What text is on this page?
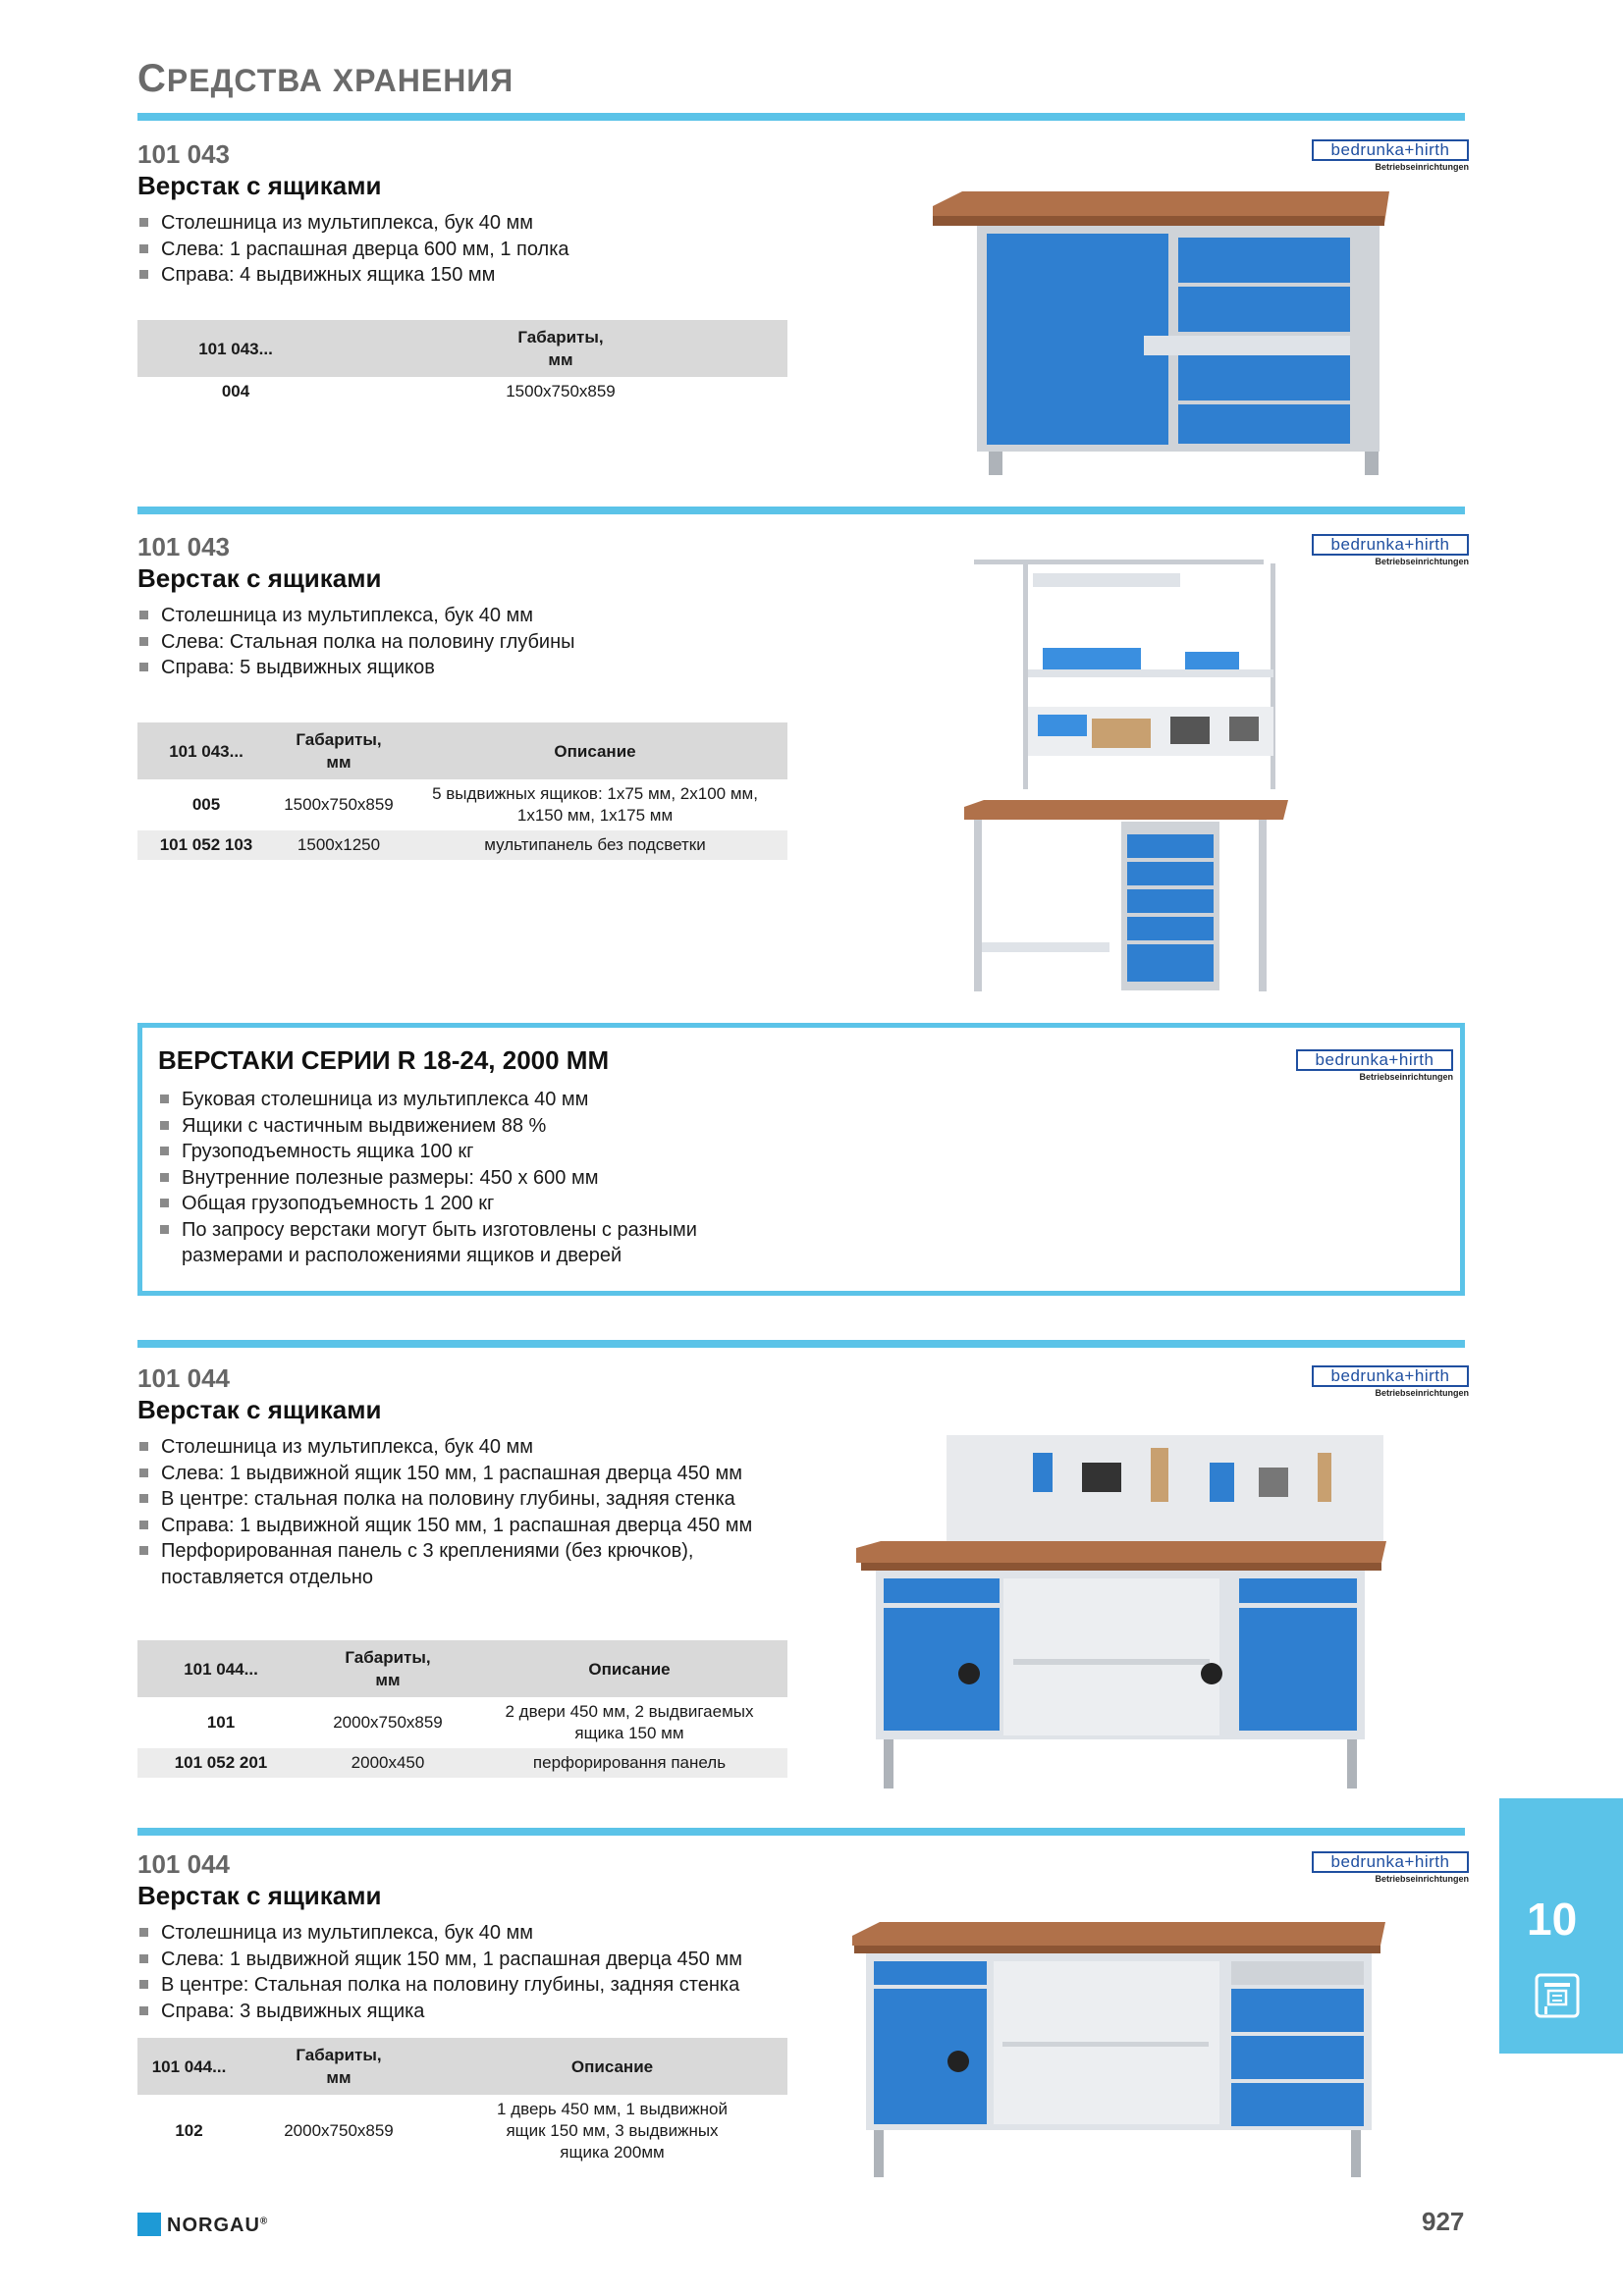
СРЕДСТВА ХРАНЕНИЯ
101 043
Верстак с ящиками
Столешница из мультиплекса, бук 40 мм
Слева: 1 распашная дверца 600 мм, 1 полка
Справа: 4 выдвижных ящика 150 мм
101 043...	Габариты, мм
004	1500x750x859
bedrunka+hirth
Betriebseinrichtungen
101 043
Верстак с ящиками
Столешница из мультиплекса, бук 40 мм
Слева: Стальная полка на половину глубины
Справа: 5 выдвижных ящиков
101 043...	Габариты, мм	Описание
005	1500x750x859	5 выдвижных ящиков: 1x75 мм, 2x100 мм, 1x150 мм, 1x175 мм
101 052 103	1500x1250	мультипанель без подсветки
bedrunka+hirth
Betriebseinrichtungen
ВЕРСТАКИ СЕРИИ R 18-24, 2000 ММ
Буковая столешница из мультиплекса 40 мм
Ящики с частичным выдвижением 88 %
Грузоподъемность ящика 100 кг
Внутренние полезные размеры: 450 х 600 мм
Общая грузоподъемность 1 200 кг
По запросу верстаки могут быть изготовлены с разными размерами и расположениями ящиков и дверей
bedrunka+hirth
Betriebseinrichtungen
101 044
Верстак с ящиками
Столешница из мультиплекса, бук 40 мм
Слева: 1 выдвижной ящик 150 мм, 1 распашная дверца 450 мм
В центре: стальная полка на половину глубины, задняя стенка
Справа: 1 выдвижной ящик 150 мм, 1 распашная дверца 450 мм
Перфорированная панель с 3 креплениями (без крючков), поставляется отдельно
101 044...	Габариты, мм	Описание
101	2000x750x859	2 двери 450 мм, 2 выдвигаемых ящика 150 мм
101 052 201	2000x450	перфорировання панель
bedrunka+hirth
Betriebseinrichtungen
101 044
Верстак с ящиками
Столешница из мультиплекса, бук 40 мм
Слева: 1 выдвижной ящик 150 мм, 1 распашная дверца 450 мм
В центре: Стальная полка на половину глубины, задняя стенка
Справа: 3 выдвижных ящика
101 044...	Габариты, мм	Описание
102	2000x750x859	1 дверь 450 мм, 1 выдвижной ящик 150 мм, 3 выдвижных ящика 200мм
bedrunka+hirth
Betriebseinrichtungen
10
NORGAU®	927
